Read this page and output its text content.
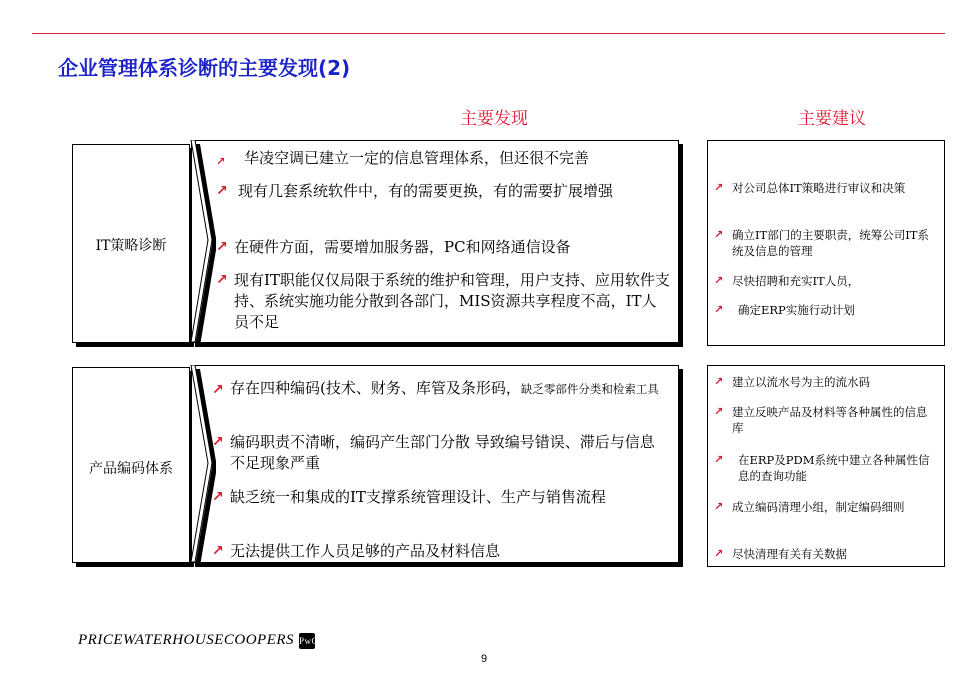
企业管理体系诊断的主要发现(2)
主要发现	主要建议
IT策略诊断
↗	华凌空调已建立一定的信息管理体系，但还很不完善
↗ 现有几套系统软件中，有的需要更换，有的需要扩展增强
↗ 在硬件方面，需要增加服务器，PC和网络通信设备
↗ 现有IT职能仅仅局限于系统的维护和管理，用户支持、应用软件支持、系统实施功能分散到各部门，MIS资源共享程度不高，IT人员不足
↗ 对公司总体IT策略进行审议和决策
↗ 确立IT部门的主要职责，统筹公司IT系统及信息的管理
↗ 尽快招聘和充实IT人员，
↗	确定ERP实施行动计划
产品编码体系
↗ 存在四种编码(技术、财务、库管及条形码，缺乏零部件分类和检索工具
↗ 编码职责不清晰，编码产生部门分散 导致编号错误、滞后与信息不足现象严重
↗ 缺乏统一和集成的IT支撑系统管理设计、生产与销售流程
↗ 无法提供工作人员足够的产品及材料信息
↗ 建立以流水号为主的流水码
↗ 建立反映产品及材料等各种属性的信息库
↗	在ERP及PDM系统中建立各种属性信息的查询功能
↗ 成立编码清理小组，制定编码细则
↗ 尽快清理有关有关数据
PRICEWATERHOUSECOOPERS PwC
9
